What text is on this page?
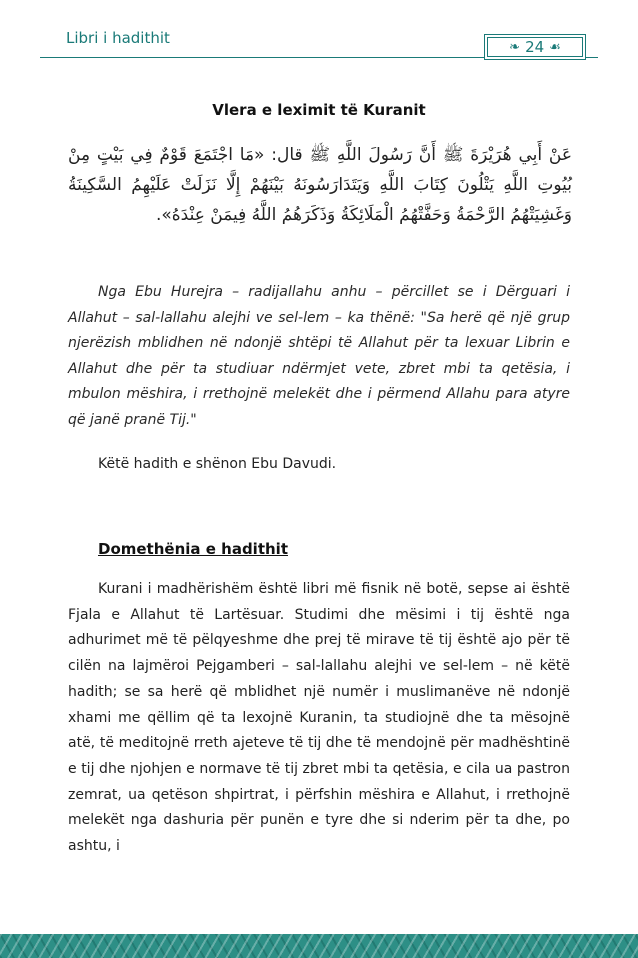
Libri i hadithit	❧ 24 ☙
Vlera e leximit të Kuranit
عَنْ أَبِي هُرَيْرَةَ ﷺ أَنَّ رَسُولَ اللَّهِ ﷺ قال: «مَا اجْتَمَعَ قَوْمٌ فِي بَيْتٍ مِنْ بُيُوتِ اللَّهِ يَتْلُونَ كِتَابَ اللَّهِ وَيَتَدَارَسُونَهُ بَيْنَهُمْ إِلَّا نَزَلَتْ عَلَيْهِمُ السَّكِينَةُ وَغَشِيَتْهُمُ الرَّحْمَةُ وَحَفَّتْهُمُ الْمَلَائِكَةُ وَذَكَرَهُمُ اللَّهُ فِيمَنْ عِنْدَهُ».

Nga Ebu Hurejra – radijallahu anhu – përcillet se i Dërguari i Allahut – sal-lallahu alejhi ve sel-lem – ka thënë: "Sa herë që një grup njerëzish mblidhen në ndonjë shtëpi të Allahut për ta lexuar Librin e Allahut dhe për ta studiuar ndërmjet vete, zbret mbi ta qetësia, i mbulon mëshira, i rrethojnë melekët dhe i përmend Allahu para atyre që janë pranë Tij."

Këtë hadith e shënon Ebu Davudi.

Domethënia e hadithit

Kurani i madhërishëm është libri më fisnik në botë, sepse ai është Fjala e Allahut të Lartësuar. Studimi dhe mësimi i tij është nga adhurimet më të pëlqyeshme dhe prej të mirave të tij është ajo për të cilën na lajmëroi Pejgamberi – sal-lallahu alejhi ve sel-lem – në këtë hadith; se sa herë që mblidhet një numër i muslimanëve në ndonjë xhami me qëllim që ta lexojnë Kuranin, ta studiojnë dhe ta mësojnë atë, të meditojnë rreth ajeteve të tij dhe të mendojnë për madhështinë e tij dhe njohjen e normave të tij zbret mbi ta qetësia, e cila ua pastron zemrat, ua qetëson shpirtrat, i përfshin mëshira e Allahut, i rrethojnë melekët nga dashuria për punën e tyre dhe si nderim për ta dhe, po ashtu, i
